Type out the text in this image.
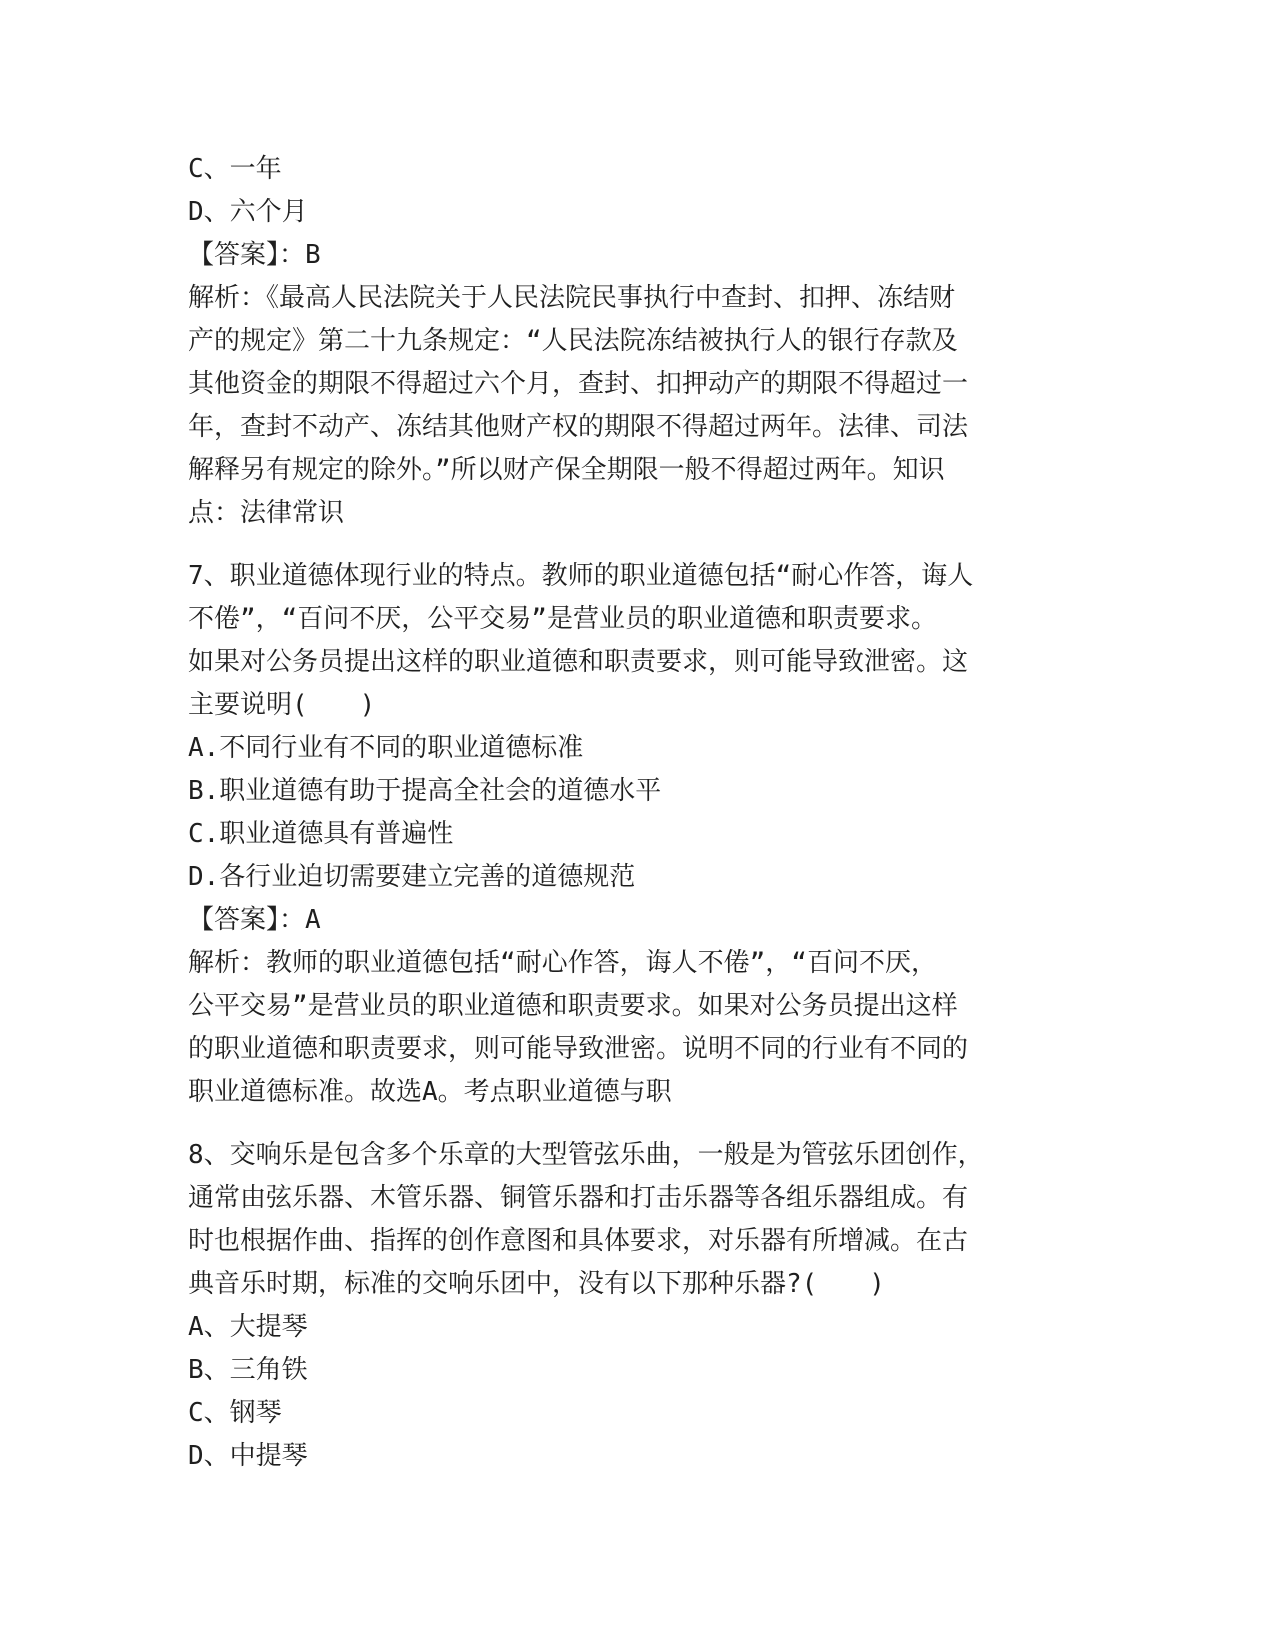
C、一年
D、六个月
【答案】：B
解析：《最高人民法院关于人民法院民事执行中查封、扣押、冻结财
产的规定》第二十九条规定：“人民法院冻结被执行人的银行存款及
其他资金的期限不得超过六个月，查封、扣押动产的期限不得超过一
年，查封不动产、冻结其他财产权的期限不得超过两年。法律、司法
解释另有规定的除外。”所以财产保全期限一般不得超过两年。知识
点：法律常识
7、职业道德体现行业的特点。教师的职业道德包括“耐心作答，诲人
不倦”，“百问不厌，公平交易”是营业员的职业道德和职责要求。
如果对公务员提出这样的职业道德和职责要求，则可能导致泄密。这
主要说明(　　)
A.不同行业有不同的职业道德标准
B.职业道德有助于提高全社会的道德水平
C.职业道德具有普遍性
D.各行业迫切需要建立完善的道德规范
【答案】：A
解析：教师的职业道德包括“耐心作答，诲人不倦”，“百问不厌，
公平交易”是营业员的职业道德和职责要求。如果对公务员提出这样
的职业道德和职责要求，则可能导致泄密。说明不同的行业有不同的
职业道德标准。故选A。考点职业道德与职
8、交响乐是包含多个乐章的大型管弦乐曲，一般是为管弦乐团创作，
通常由弦乐器、木管乐器、铜管乐器和打击乐器等各组乐器组成。有
时也根据作曲、指挥的创作意图和具体要求，对乐器有所增减。在古
典音乐时期，标准的交响乐团中，没有以下那种乐器?(　　)
A、大提琴
B、三角铁
C、钢琴
D、中提琴
